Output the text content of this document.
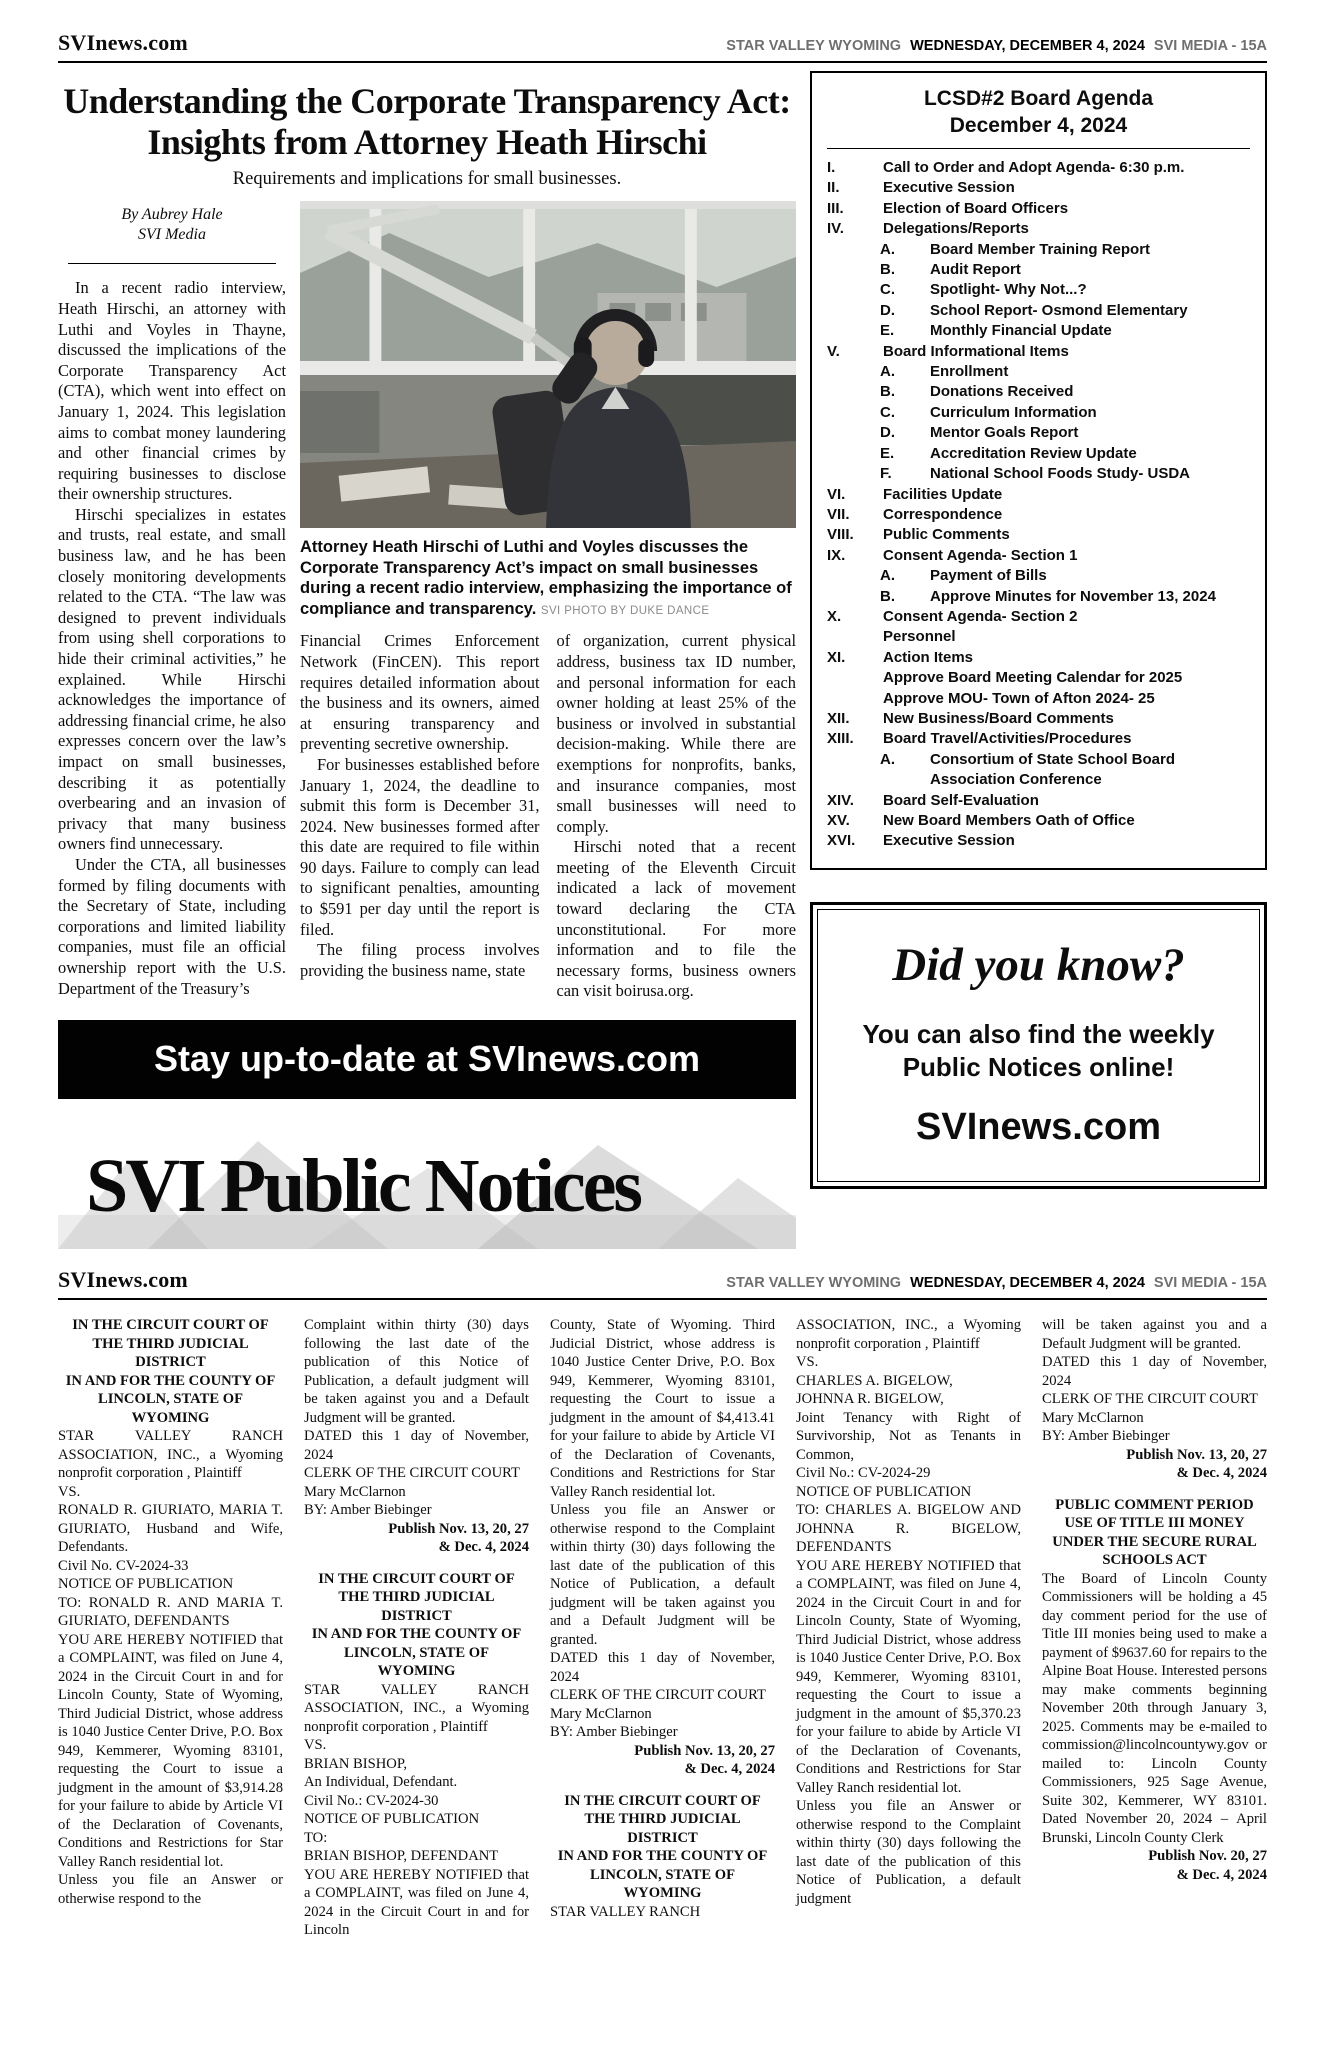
SVInews.com	STAR VALLEY WYOMING WEDNESDAY, DECEMBER 4, 2024 SVI MEDIA - 15A
Understanding the Corporate Transparency Act: Insights from Attorney Heath Hirschi
Requirements and implications for small businesses.
By Aubrey Hale
SVI Media

In a recent radio interview, Heath Hirschi, an attorney with Luthi and Voyles in Thayne, discussed the implications of the Corporate Transparency Act (CTA), which went into effect on January 1, 2024. This legislation aims to combat money laundering and other financial crimes by requiring businesses to disclose their ownership structures.

Hirschi specializes in estates and trusts, real estate, and small business law, and he has been closely monitoring developments related to the CTA. “The law was designed to prevent individuals from using shell corporations to hide their criminal activities,” he explained. While Hirschi acknowledges the importance of addressing financial crime, he also expresses concern over the law’s impact on small businesses, describing it as potentially overbearing and an invasion of privacy that many business owners find unnecessary.

Under the CTA, all businesses formed by filing documents with the Secretary of State, including corporations and limited liability companies, must file an official ownership report with the U.S. Department of the Treasury’s

Attorney Heath Hirschi of Luthi and Voyles discusses the Corporate Transparency Act’s impact on small businesses during a recent radio interview, emphasizing the importance of compliance and transparency. SVI PHOTO BY DUKE DANCE

Financial Crimes Enforcement Network (FinCEN). This report requires detailed information about the business and its owners, aimed at ensuring transparency and preventing secretive ownership.

For businesses established before January 1, 2024, the deadline to submit this form is December 31, 2024. New businesses formed after this date are required to file within 90 days. Failure to comply can lead to significant penalties, amounting to $591 per day until the report is filed.

The filing process involves providing the business name, state

of organization, current physical address, business tax ID number, and personal information for each owner holding at least 25% of the business or involved in substantial decision-making. While there are exemptions for nonprofits, banks, and insurance companies, most small businesses will need to comply.

Hirschi noted that a recent meeting of the Eleventh Circuit indicated a lack of movement toward declaring the CTA unconstitutional. For more information and to file the necessary forms, business owners can visit boirusa.org.

Stay up-to-date at SVInews.com
SVI Public Notices
LCSD#2 Board Agenda
December 4, 2024
I.	Call to Order and Adopt Agenda- 6:30 p.m.
II.	Executive Session
III.	Election of Board Officers
IV.	Delegations/Reports
A.	Board Member Training Report
B.	Audit Report
C.	Spotlight- Why Not...?
D.	School Report- Osmond Elementary
E.	Monthly Financial Update
V.	Board Informational Items
A.	Enrollment
B.	Donations Received
C.	Curriculum Information
D.	Mentor Goals Report
E.	Accreditation Review Update
F.	National School Foods Study- USDA
VI.	Facilities Update
VII.	Correspondence
VIII.	Public Comments
IX.	Consent Agenda- Section 1
A.	Payment of Bills
B.	Approve Minutes for November 13, 2024
X.	Consent Agenda- Section 2
Personnel
XI.	Action Items
Approve Board Meeting Calendar for 2025
Approve MOU- Town of Afton 2024- 25
XII.	New Business/Board Comments
XIII.	Board Travel/Activities/Procedures
A.	Consortium of State School Board Association Conference
XIV.	Board Self-Evaluation
XV.	New Board Members Oath of Office
XVI.	Executive Session
Did you know?
You can also find the weekly Public Notices online!
SVInews.com
SVInews.com	STAR VALLEY WYOMING WEDNESDAY, DECEMBER 4, 2024 SVI MEDIA - 15A

IN THE CIRCUIT COURT OF THE THIRD JUDICIAL DISTRICT

IN AND FOR THE COUNTY OF LINCOLN, STATE OF WYOMING

STAR VALLEY RANCH ASSOCIATION, INC., a Wyoming nonprofit corporation , Plaintiff

VS.

RONALD R. GIURIATO, MARIA T. GIURIATO, Husband and Wife, Defendants.

Civil No. CV-2024-33

NOTICE OF PUBLICATION

TO: RONALD R. AND MARIA T. GIURIATO, DEFENDANTS

YOU ARE HEREBY NOTIFIED that a COMPLAINT, was filed on June 4, 2024 in the Circuit Court in and for Lincoln County, State of Wyoming, Third Judicial District, whose address is 1040 Justice Center Drive, P.O. Box 949, Kemmerer, Wyoming 83101, requesting the Court to issue a judgment in the amount of $3,914.28 for your failure to abide by Article VI of the Declaration of Covenants, Conditions and Restrictions for Star Valley Ranch residential lot.

Unless you file an Answer or otherwise respond to the

Complaint within thirty (30) days following the last date of the publication of this Notice of Publication, a default judgment will be taken against you and a Default Judgment will be granted.

DATED this 1 day of November, 2024

CLERK OF THE CIRCUIT COURT

Mary McClarnon

BY: Amber Biebinger

Publish Nov. 13, 20, 27

& Dec. 4, 2024

IN THE CIRCUIT COURT OF THE THIRD JUDICIAL DISTRICT

IN AND FOR THE COUNTY OF LINCOLN, STATE OF WYOMING

STAR VALLEY RANCH ASSOCIATION, INC., a Wyoming nonprofit corporation , Plaintiff

VS.

BRIAN BISHOP,

An Individual, Defendant.

Civil No.: CV-2024-30

NOTICE OF PUBLICATION

TO:

BRIAN BISHOP, DEFENDANT

YOU ARE HEREBY NOTIFIED that a COMPLAINT, was filed on June 4, 2024 in the Circuit Court in and for Lincoln

County, State of Wyoming. Third Judicial District, whose address is 1040 Justice Center Drive, P.O. Box 949, Kemmerer, Wyoming 83101, requesting the Court to issue a judgment in the amount of $4,413.41 for your failure to abide by Article VI of the Declaration of Covenants, Conditions and Restrictions for Star Valley Ranch residential lot.

Unless you file an Answer or otherwise respond to the Complaint within thirty (30) days following the last date of the publication of this Notice of Publication, a default judgment will be taken against you and a Default Judgment will be granted.

DATED this 1 day of November, 2024

CLERK OF THE CIRCUIT COURT

Mary McClarnon

BY: Amber Biebinger

Publish Nov. 13, 20, 27

& Dec. 4, 2024

IN THE CIRCUIT COURT OF THE THIRD JUDICIAL DISTRICT

IN AND FOR THE COUNTY OF LINCOLN, STATE OF WYOMING

STAR VALLEY RANCH

ASSOCIATION, INC., a Wyoming nonprofit corporation , Plaintiff

VS.

CHARLES A. BIGELOW,

JOHNNA R. BIGELOW,

Joint Tenancy with Right of Survivorship, Not as Tenants in Common,

Civil No.: CV-2024-29

NOTICE OF PUBLICATION

TO: CHARLES A. BIGELOW AND JOHNNA R. BIGELOW, DEFENDANTS

YOU ARE HEREBY NOTIFIED that a COMPLAINT, was filed on June 4, 2024 in the Circuit Court in and for Lincoln County, State of Wyoming, Third Judicial District, whose address is 1040 Justice Center Drive, P.O. Box 949, Kemmerer, Wyoming 83101, requesting the Court to issue a judgment in the amount of $5,370.23 for your failure to abide by Article VI of the Declaration of Covenants, Conditions and Restrictions for Star Valley Ranch residential lot.

Unless you file an Answer or otherwise respond to the Complaint within thirty (30) days following the last date of the publication of this Notice of Publication, a default judgment

will be taken against you and a Default Judgment will be granted.

DATED this 1 day of November, 2024

CLERK OF THE CIRCUIT COURT

Mary McClarnon

BY: Amber Biebinger

Publish Nov. 13, 20, 27

& Dec. 4, 2024

PUBLIC COMMENT PERIOD USE OF TITLE III MONEY UNDER THE SECURE RURAL SCHOOLS ACT

The Board of Lincoln County Commissioners will be holding a 45 day comment period for the use of Title III monies being used to make a payment of $9637.60 for repairs to the Alpine Boat House. Interested persons may make comments beginning November 20th through January 3, 2025. Comments may be e-mailed to commission@lincolncountywy.gov or mailed to: Lincoln County Commissioners, 925 Sage Avenue, Suite 302, Kemmerer, WY 83101. Dated November 20, 2024 – April Brunski, Lincoln County Clerk

Publish Nov. 20, 27

& Dec. 4, 2024
